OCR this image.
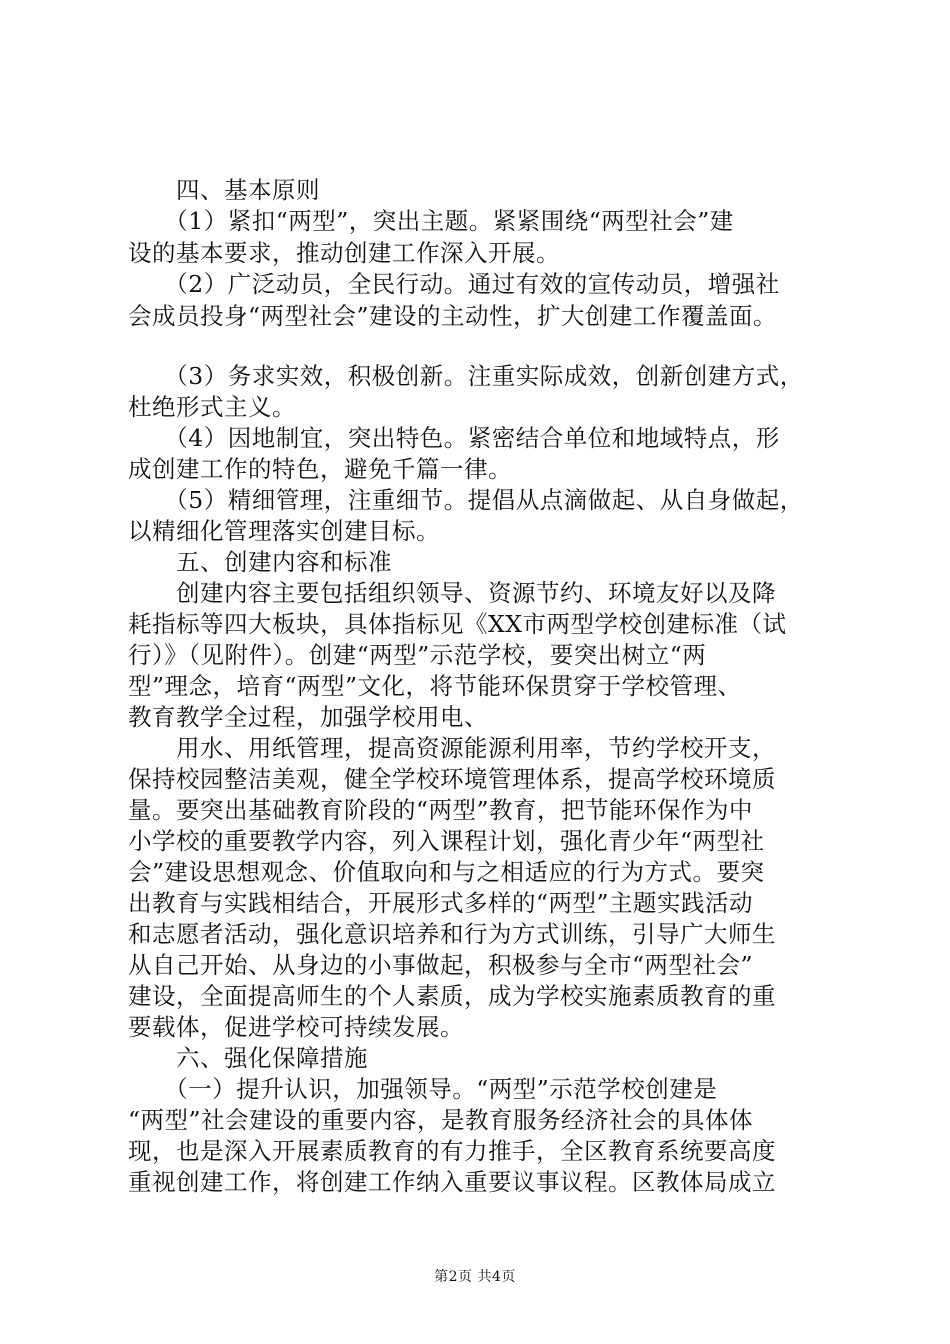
　　四、基本原则
　　（1）紧扣“两型”，突出主题。紧紧围绕“两型社会”建
设的基本要求，推动创建工作深入开展。
　　（2）广泛动员，全民行动。通过有效的宣传动员，增强社
会成员投身“两型社会”建设的主动性，扩大创建工作覆盖面。
　　（3）务求实效，积极创新。注重实际成效，创新创建方式，
杜绝形式主义。
　　（4）因地制宜，突出特色。紧密结合单位和地域特点，形
成创建工作的特色，避免千篇一律。
　　（5）精细管理，注重细节。提倡从点滴做起、从自身做起，
以精细化管理落实创建目标。
　　五、创建内容和标准
　　创建内容主要包括组织领导、资源节约、环境友好以及降
耗指标等四大板块，具体指标见《XX市两型学校创建标准（试
行）》（见附件）。创建“两型”示范学校，要突出树立“两
型”理念，培育“两型”文化，将节能环保贯穿于学校管理、
教育教学全过程，加强学校用电、
　　用水、用纸管理，提高资源能源利用率，节约学校开支，
保持校园整洁美观，健全学校环境管理体系，提高学校环境质
量。要突出基础教育阶段的“两型”教育，把节能环保作为中
小学校的重要教学内容，列入课程计划，强化青少年“两型社
会”建设思想观念、价值取向和与之相适应的行为方式。要突
出教育与实践相结合，开展形式多样的“两型”主题实践活动
和志愿者活动，强化意识培养和行为方式训练，引导广大师生
从自己开始、从身边的小事做起，积极参与全市“两型社会”
建设，全面提高师生的个人素质，成为学校实施素质教育的重
要载体，促进学校可持续发展。
　　六、强化保障措施
　　（一）提升认识，加强领导。“两型”示范学校创建是
“两型”社会建设的重要内容，是教育服务经济社会的具体体
现，也是深入开展素质教育的有力推手，全区教育系统要高度
重视创建工作，将创建工作纳入重要议事议程。区教体局成立
第2页 共4页
